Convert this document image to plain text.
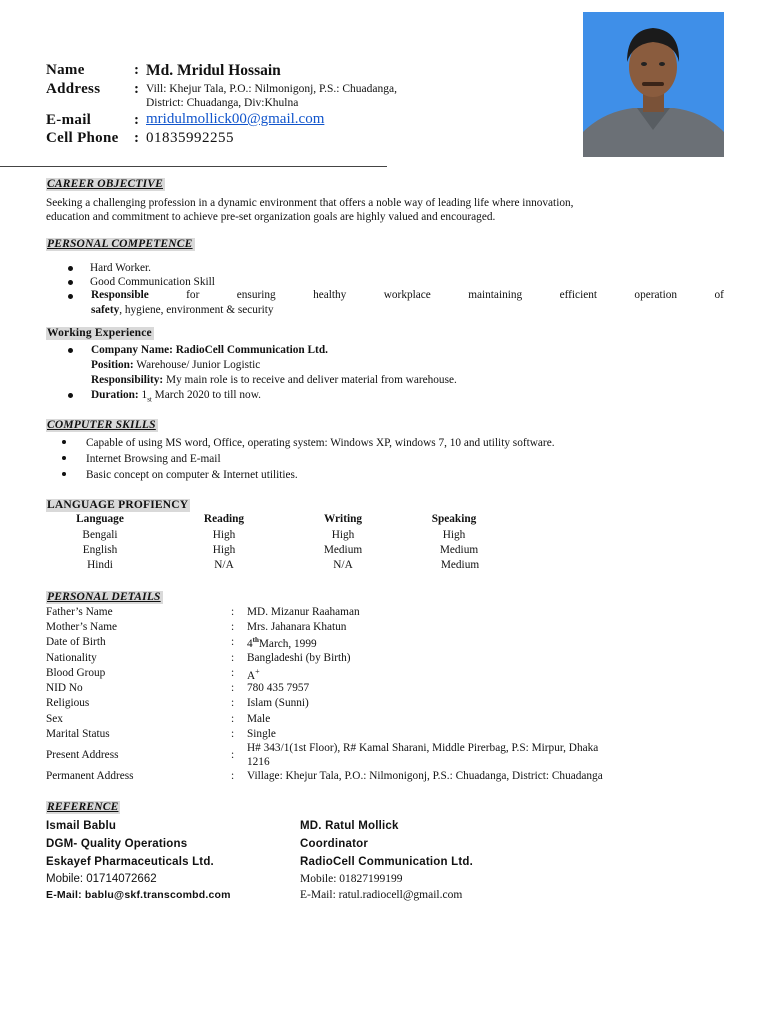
Name	: Md. Mridul Hossain
Address : Vill: Khejur Tala, P.O.: Nilmonigonj, P.S.: Chuadanga,
District: Chuadanga, Div:Khulna
E-mail	: mridulmollick00@gmail.com
Cell Phone : 01835992255
CAREER OBJECTIVE
Seeking a challenging profession in a dynamic environment that offers a noble way of leading life where innovation,
education and commitment to achieve pre-set organization goals are highly valued and encouraged.
PERSONAL COMPETENCE
Hard Worker.
Good Communication Skill
Responsible	for	ensuring	healthy	workplace	maintaining	efficient	operation	of
safety, hygiene, environment & security
Working Experience
Company Name: RadioCell Communication Ltd.
Position: Warehouse/ Junior Logistic
Responsibility: My main role is to receive and deliver material from warehouse.
Duration: $1_{st}$ March 2020 to till now.
COMPUTER SKILLS
Capable of using MS word, Office, operating system: Windows XP, windows 7, 10 and utility software.
Internet Browsing and E-mail
Basic concept on computer & Internet utilities.
LANGUAGE PROFIENCY
Language	Reading	Writing	Speaking
Bengali	High	High	High
English	High	Medium	Medium
Hindi	N/A	N/A	Medium
PERSONAL DETAILS
Father’s Name	: MD. Mizanur Raahaman
Mother’s Name	: Mrs. Jahanara Khatun
Date of Birth	: 4thMarch, 1999
Nationality	: Bangladeshi (by Birth)
Blood Group	: A+
NID No	: 780 435 7957
Religious	: Islam (Sunni)
Sex	: Male
Marital Status	: Single
Present Address	:
H# 343/1(1st Floor), R# Kamal Sharani, Middle Pirerbag, P.S: Mirpur, Dhaka
1216
Permanent Address	: Village: Khejur Tala, P.O.: Nilmonigonj, P.S.: Chuadanga, District: Chuadanga
REFERENCE
Ismail Bablu
DGM- Quality Operations
Eskayef Pharmaceuticals Ltd.
Mobile: 01714072662
E-Mail: bablu@skf.transcombd.com
MD. Ratul Mollick
Coordinator
RadioCell Communication Ltd.
Mobile: 01827199199
E-Mail: ratul.radiocell@gmail.com
